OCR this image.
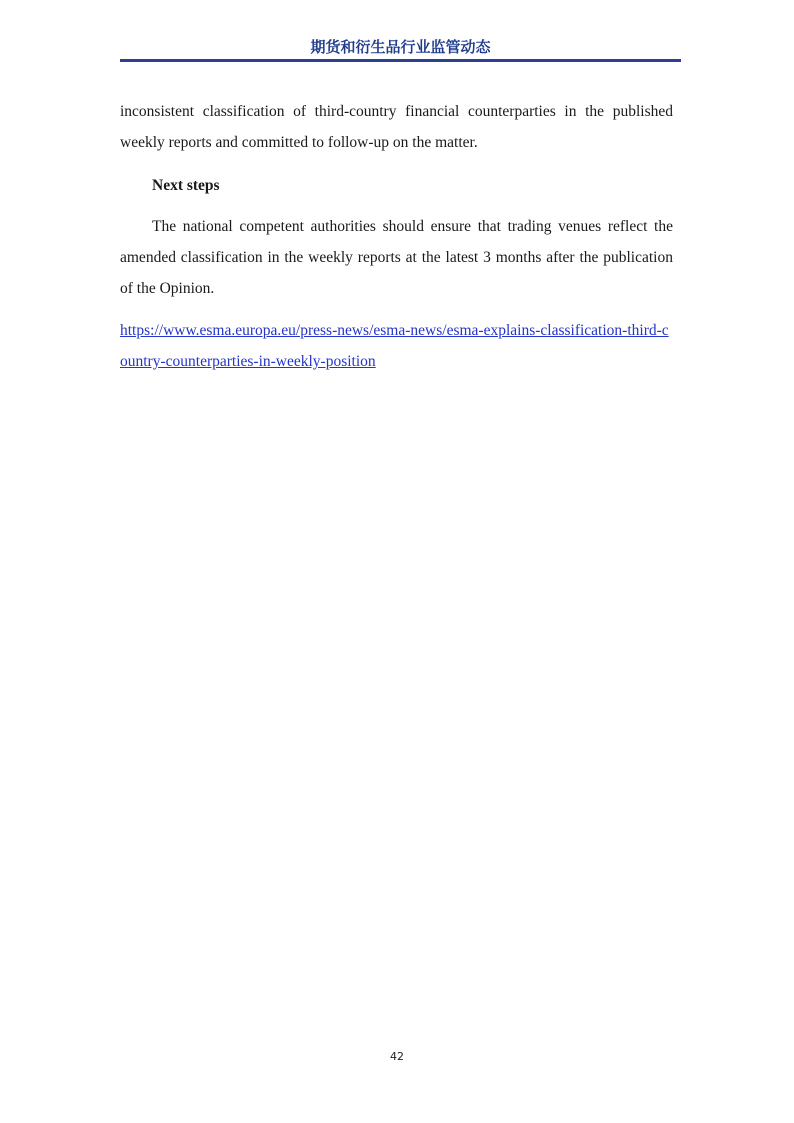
期货和衍生品行业监管动态

inconsistent classification of third-country financial counterparties in the published weekly reports and committed to follow-up on the matter.

Next steps

The national competent authorities should ensure that trading venues reflect the amended classification in the weekly reports at the latest 3 months after the publication of the Opinion.

https://www.esma.europa.eu/press-news/esma-news/esma-explains-classification-third-country-counterparties-in-weekly-position
42
